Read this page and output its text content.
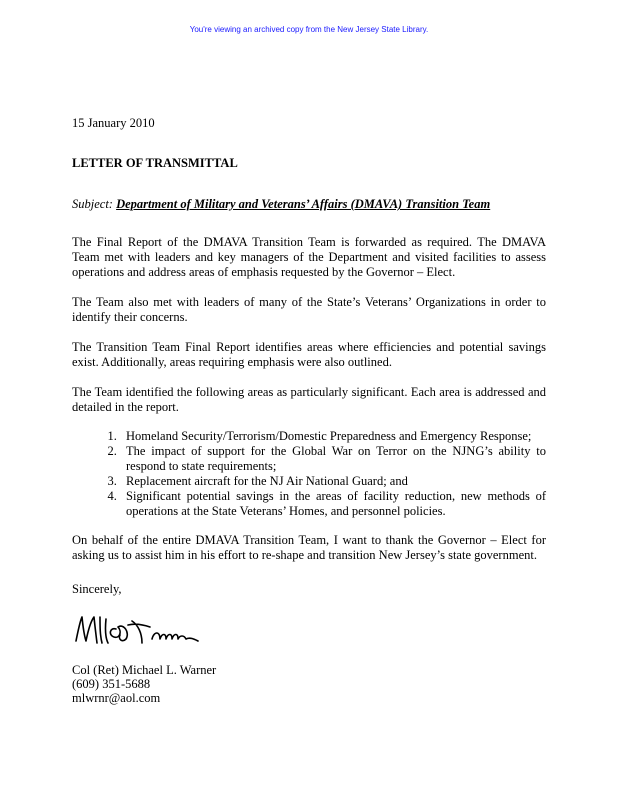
You're viewing an archived copy from the New Jersey State Library.

15 January 2010

LETTER OF TRANSMITTAL

Subject: Department of Military and Veterans’ Affairs (DMAVA) Transition Team

The Final Report of the DMAVA Transition Team is forwarded as required. The DMAVA Team met with leaders and key managers of the Department and visited facilities to assess operations and address areas of emphasis requested by the Governor – Elect.

The Team also met with leaders of many of the State’s Veterans’ Organizations in order to identify their concerns.

The Transition Team Final Report identifies areas where efficiencies and potential savings exist. Additionally, areas requiring emphasis were also outlined.

The Team identified the following areas as particularly significant. Each area is addressed and detailed in the report.

1. Homeland Security/Terrorism/Domestic Preparedness and Emergency Response;
2. The impact of support for the Global War on Terror on the NJNG’s ability to respond to state requirements;
3. Replacement aircraft for the NJ Air National Guard; and
4. Significant potential savings in the areas of facility reduction, new methods of operations at the State Veterans’ Homes, and personnel policies.

On behalf of the entire DMAVA Transition Team, I want to thank the Governor – Elect for asking us to assist him in his effort to re-shape and transition New Jersey’s state government.

Sincerely,

Col (Ret) Michael L. Warner
(609) 351-5688
mlwrnr@aol.com
